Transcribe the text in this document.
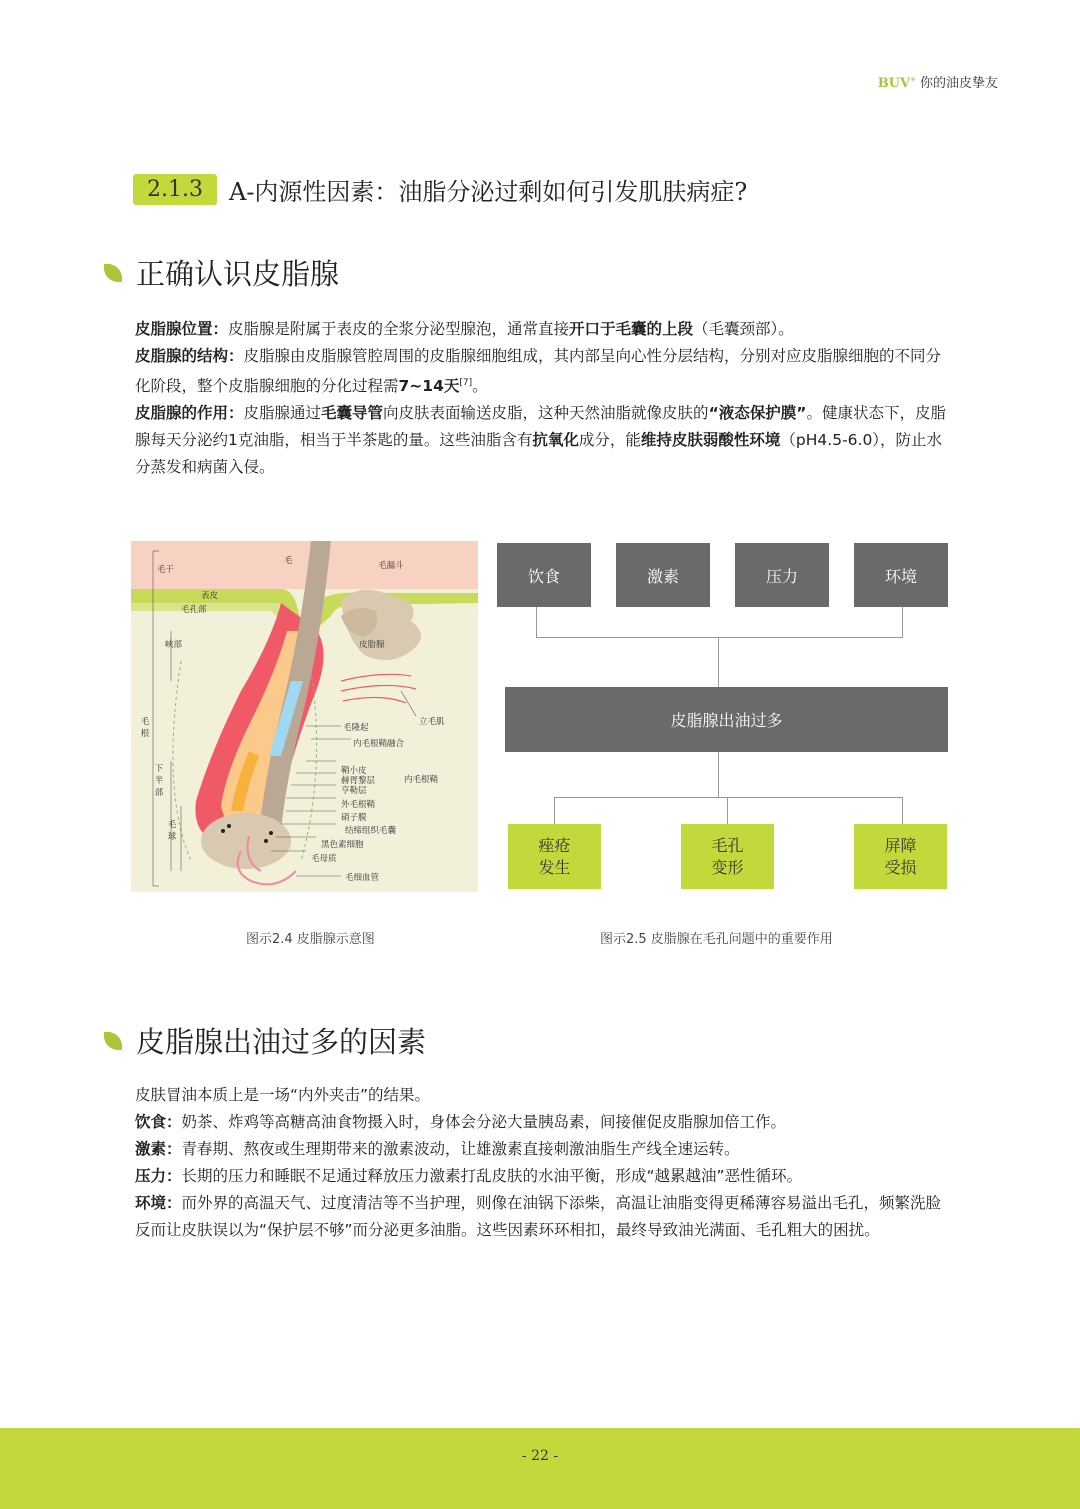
BUV+ 你的油皮挚友
2.1.3	A-内源性因素：油脂分泌过剩如何引发肌肤病症?
正确认识皮脂腺

皮脂腺位置：皮脂腺是附属于表皮的全浆分泌型腺泡，通常直接开口于毛囊的上段（毛囊颈部）。

皮脂腺的结构：皮脂腺由皮脂腺管腔周围的皮脂腺细胞组成，其内部呈向心性分层结构，分别对应皮脂腺细胞的不同分化阶段，整个皮脂腺细胞的分化过程需7~14天[7]。

皮脂腺的作用：皮脂腺通过毛囊导管向皮肤表面输送皮脂，这种天然油脂就像皮肤的“液态保护膜”。健康状态下，皮脂腺每天分泌约1克油脂，相当于半茶匙的量。这些油脂含有抗氧化成分，能维持皮肤弱酸性环境（pH4.5-6.0），防止水分蒸发和病菌入侵。

毛干
毛	毛漏斗
表皮
毛孔部
峡部	皮脂腺
立毛肌
毛隆起
内毛根鞘融合
鞘小皮
赫胥黎层
亨勒层
内毛根鞘
外毛根鞘
硝子膜
结缔组织毛囊
黑色素细胞
毛母质
毛细血管
毛根
下半部
毛球
图示2.4 皮脂腺示意图
饮食	激素	压力	环境
皮脂腺出油过多
痤疮
发生
毛孔
变形
屏障
受损
图示2.5 皮脂腺在毛孔问题中的重要作用
皮脂腺出油过多的因素

皮肤冒油本质上是一场“内外夹击”的结果。

饮食：奶茶、炸鸡等高糖高油食物摄入时，身体会分泌大量胰岛素，间接催促皮脂腺加倍工作。

激素：青春期、熬夜或生理期带来的激素波动，让雄激素直接刺激油脂生产线全速运转。

压力：长期的压力和睡眠不足通过释放压力激素打乱皮肤的水油平衡，形成“越累越油”恶性循环。

环境：而外界的高温天气、过度清洁等不当护理，则像在油锅下添柴，高温让油脂变得更稀薄容易溢出毛孔，频繁洗脸反而让皮肤误以为“保护层不够”而分泌更多油脂。这些因素环环相扣，最终导致油光满面、毛孔粗大的困扰。

- 22 -
